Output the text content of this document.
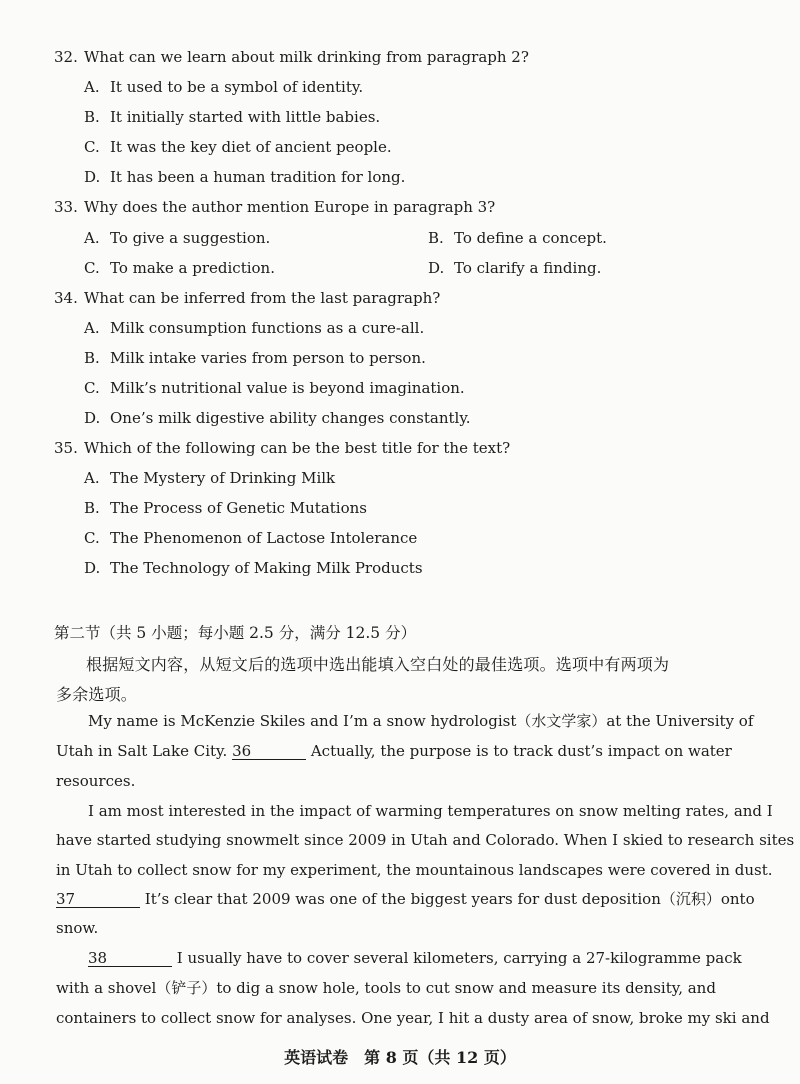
32. What can we learn about milk drinking from paragraph 2?
A. It used to be a symbol of identity.
B. It initially started with little babies.
C. It was the key diet of ancient people.
D. It has been a human tradition for long.
33. Why does the author mention Europe in paragraph 3?
A. To give a suggestion.	B. To define a concept.
C. To make a prediction.	D. To clarify a finding.
34. What can be inferred from the last paragraph?
A. Milk consumption functions as a cure-all.
B. Milk intake varies from person to person.
C. Milk’s nutritional value is beyond imagination.
D. One’s milk digestive ability changes constantly.
35. Which of the following can be the best title for the text?
A. The Mystery of Drinking Milk
B. The Process of Genetic Mutations
C. The Phenomenon of Lactose Intolerance
D. The Technology of Making Milk Products
第二节（共 5 小题；每小题 2.5 分，满分 12.5 分）
根据短文内容，从短文后的选项中选出能填入空白处的最佳选项。选项中有两项为
多余选项。
My name is McKenzie Skiles and I’m a snow hydrologist（水文学家）at the University of
Utah in Salt Lake City. 36	Actually, the purpose is to track dust’s impact on water
resources.
I am most interested in the impact of warming temperatures on snow melting rates, and I
have started studying snowmelt since 2009 in Utah and Colorado. When I skied to research sites
in Utah to collect snow for my experiment, the mountainous landscapes were covered in dust.
37	It’s clear that 2009 was one of the biggest years for dust deposition（沉积）onto
snow.
38	I usually have to cover several kilometers, carrying a 27-kilogramme pack
with a shovel（铲子）to dig a snow hole, tools to cut snow and measure its density, and
containers to collect snow for analyses. One year, I hit a dusty area of snow, broke my ski and
英语试卷　第 8 页（共 12 页）
